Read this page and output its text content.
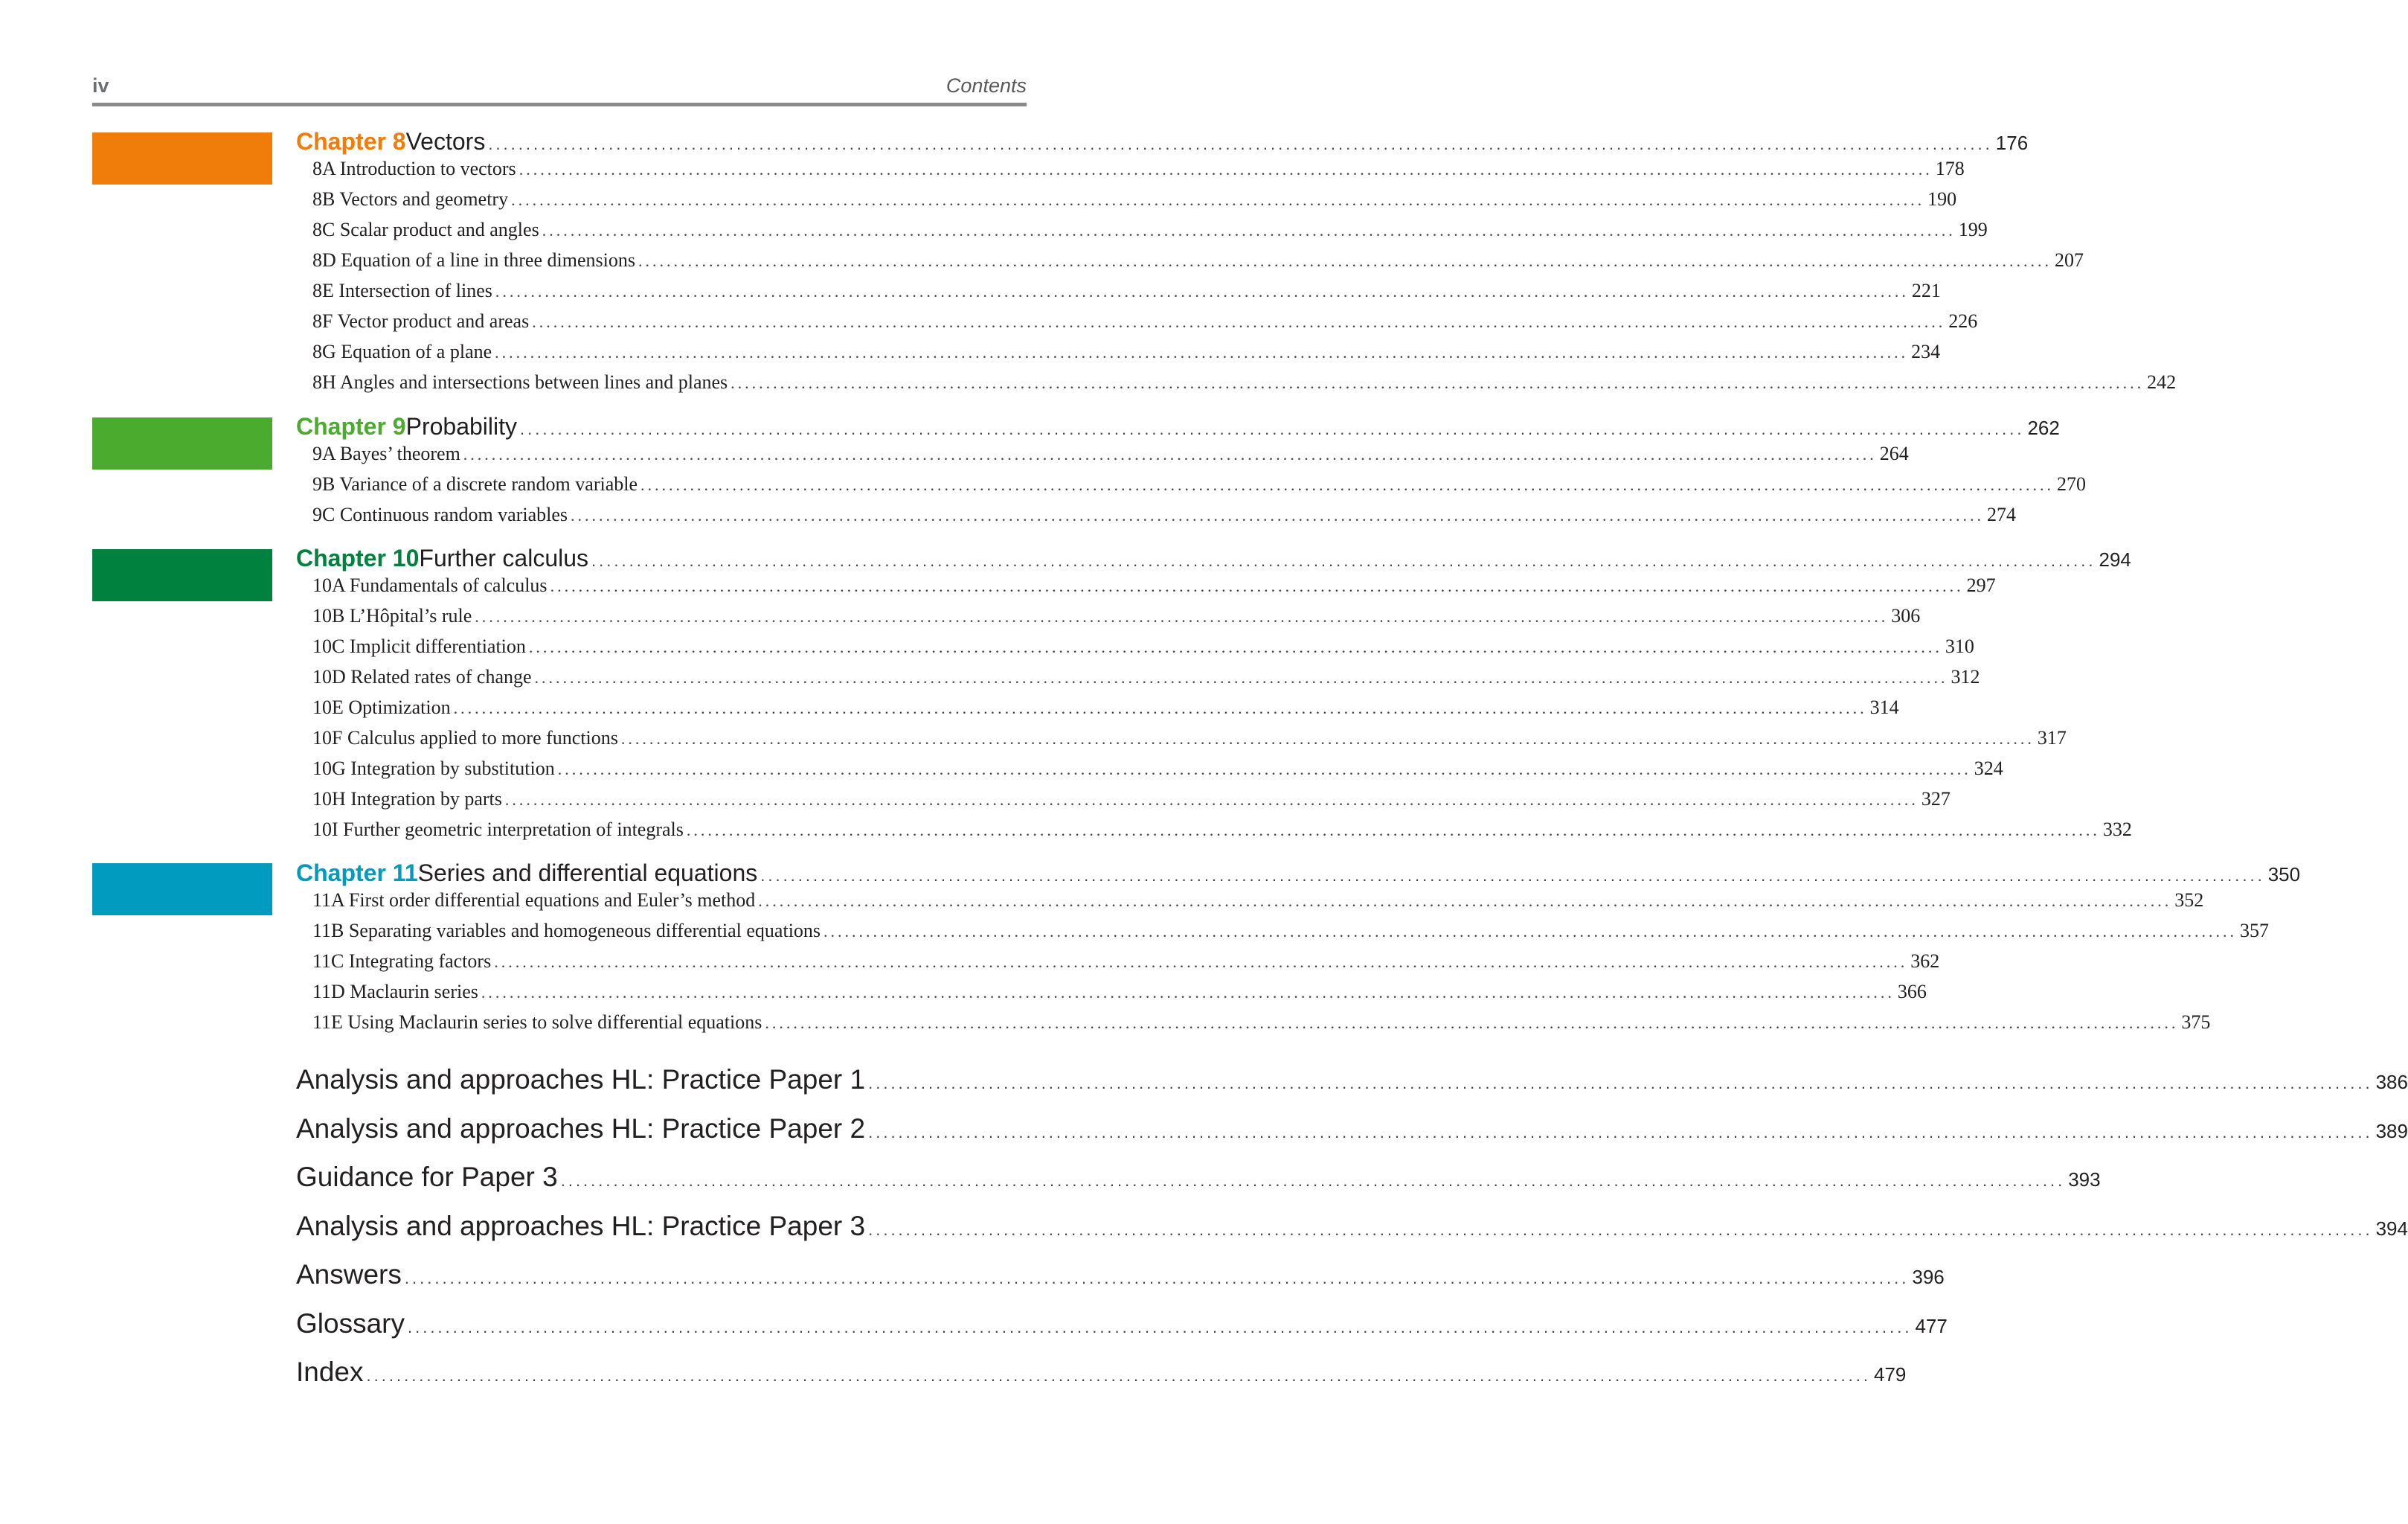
iv	Contents
Chapter 8 Vectors ........................................................................................................................................................................................................ 176
8A Introduction to vectors ........................................................................................................................................................................................................ 178
8B Vectors and geometry ........................................................................................................................................................................................................ 190
8C Scalar product and angles ........................................................................................................................................................................................................ 199
8D Equation of a line in three dimensions ........................................................................................................................................................................................................ 207
8E Intersection of lines ........................................................................................................................................................................................................ 221
8F Vector product and areas ........................................................................................................................................................................................................ 226
8G Equation of a plane ........................................................................................................................................................................................................ 234
8H Angles and intersections between lines and planes ........................................................................................................................................................................................................ 242
Chapter 9 Probability ........................................................................................................................................................................................................ 262
9A Bayes’ theorem ........................................................................................................................................................................................................ 264
9B Variance of a discrete random variable ........................................................................................................................................................................................................ 270
9C Continuous random variables ........................................................................................................................................................................................................ 274
Chapter 10 Further calculus ........................................................................................................................................................................................................ 294
10A Fundamentals of calculus ........................................................................................................................................................................................................ 297
10B L’Hôpital’s rule ........................................................................................................................................................................................................ 306
10C Implicit differentiation ........................................................................................................................................................................................................ 310
10D Related rates of change ........................................................................................................................................................................................................ 312
10E Optimization ........................................................................................................................................................................................................ 314
10F Calculus applied to more functions ........................................................................................................................................................................................................ 317
10G Integration by substitution ........................................................................................................................................................................................................ 324
10H Integration by parts ........................................................................................................................................................................................................ 327
10I Further geometric interpretation of integrals ........................................................................................................................................................................................................ 332
Chapter 11 Series and differential equations ........................................................................................................................................................................................................ 350
11A First order differential equations and Euler’s method ........................................................................................................................................................................................................ 352
11B Separating variables and homogeneous differential equations ........................................................................................................................................................................................................ 357
11C Integrating factors ........................................................................................................................................................................................................ 362
11D Maclaurin series ........................................................................................................................................................................................................ 366
11E Using Maclaurin series to solve differential equations ........................................................................................................................................................................................................ 375
Analysis and approaches HL: Practice Paper 1 ........................................................................................................................................................................................................ 386
Analysis and approaches HL: Practice Paper 2 ........................................................................................................................................................................................................ 389
Guidance for Paper 3 ........................................................................................................................................................................................................ 393
Analysis and approaches HL: Practice Paper 3 ........................................................................................................................................................................................................ 394
Answers ........................................................................................................................................................................................................ 396
Glossary ........................................................................................................................................................................................................ 477
Index ........................................................................................................................................................................................................ 479
